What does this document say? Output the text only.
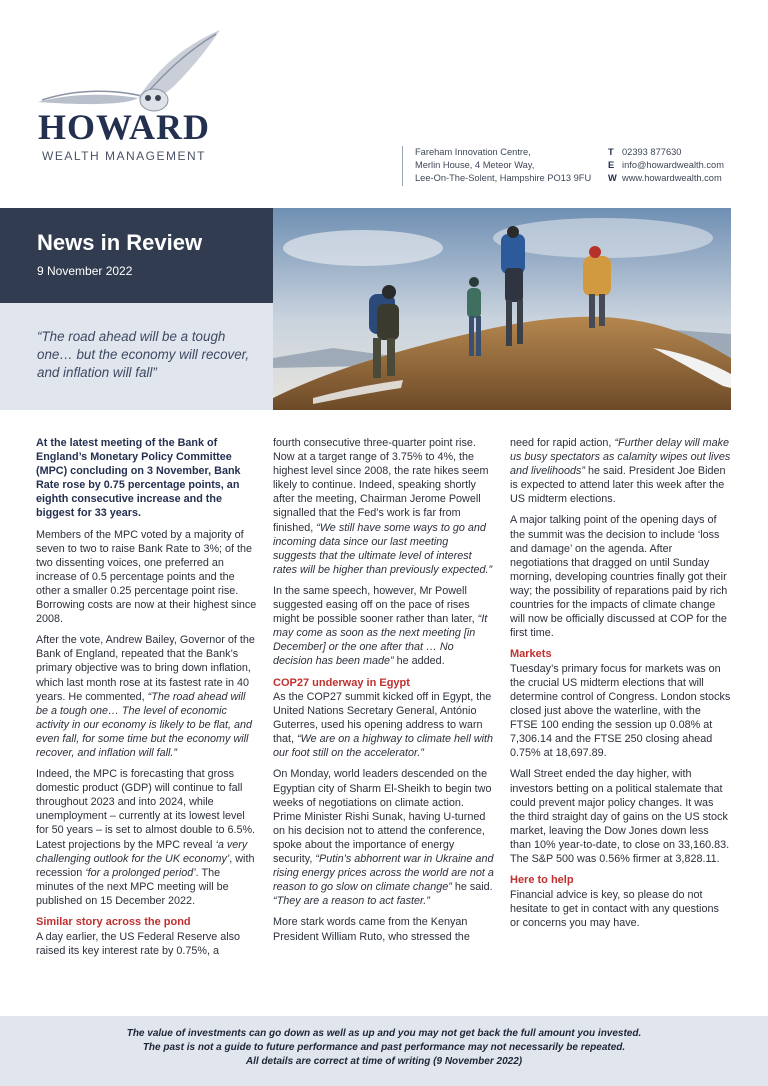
HOWARD
WEALTH MANAGEMENT	Fareham Innovation Centre,
Merlin House, 4 Meteor Way,
Lee-On-The-Solent, Hampshire PO13 9FU
T 02393 877630
E info@howardwealth.com
W www.howardwealth.com
News in Review
9 November 2022
“The road ahead will be a tough one… but the economy will recover, and inflation will fall”

At the latest meeting of the Bank of England’s Monetary Policy Committee (MPC) concluding on 3 November, Bank Rate rose by 0.75 percentage points, an eighth consecutive increase and the biggest for 33 years.

Members of the MPC voted by a majority of seven to two to raise Bank Rate to 3%; of the two dissenting voices, one preferred an increase of 0.5 percentage points and the other a smaller 0.25 percentage point rise. Borrowing costs are now at their highest since 2008.

After the vote, Andrew Bailey, Governor of the Bank of England, repeated that the Bank’s primary objective was to bring down inflation, which last month rose at its fastest rate in 40 years. He commented, “The road ahead will be a tough one… The level of economic activity in our economy is likely to be flat, and even fall, for some time but the economy will recover, and inflation will fall.”

Indeed, the MPC is forecasting that gross domestic product (GDP) will continue to fall throughout 2023 and into 2024, while unemployment – currently at its lowest level for 50 years – is set to almost double to 6.5%. Latest projections by the MPC reveal ‘a very challenging outlook for the UK economy’, with recession ‘for a prolonged period’. The minutes of the next MPC meeting will be published on 15 December 2022.

Similar story across the pond

A day earlier, the US Federal Reserve also raised its key interest rate by 0.75%, a

fourth consecutive three-quarter point rise. Now at a target range of 3.75% to 4%, the highest level since 2008, the rate hikes seem likely to continue. Indeed, speaking shortly after the meeting, Chairman Jerome Powell signalled that the Fed’s work is far from finished, “We still have some ways to go and incoming data since our last meeting suggests that the ultimate level of interest rates will be higher than previously expected.”

In the same speech, however, Mr Powell suggested easing off on the pace of rises might be possible sooner rather than later, “It may come as soon as the next meeting [in December] or the one after that … No decision has been made” he added.

COP27 underway in Egypt

As the COP27 summit kicked off in Egypt, the United Nations Secretary General, António Guterres, used his opening address to warn that, “We are on a highway to climate hell with our foot still on the accelerator.”

On Monday, world leaders descended on the Egyptian city of Sharm El-Sheikh to begin two weeks of negotiations on climate action. Prime Minister Rishi Sunak, having U-turned on his decision not to attend the conference, spoke about the importance of energy security, “Putin’s abhorrent war in Ukraine and rising energy prices across the world are not a reason to go slow on climate change” he said. “They are a reason to act faster.”

More stark words came from the Kenyan President William Ruto, who stressed the

need for rapid action, “Further delay will make us busy spectators as calamity wipes out lives and livelihoods” he said. President Joe Biden is expected to attend later this week after the US midterm elections.

A major talking point of the opening days of the summit was the decision to include ‘loss and damage’ on the agenda. After negotiations that dragged on until Sunday morning, developing countries finally got their way; the possibility of reparations paid by rich countries for the impacts of climate change will now be officially discussed at COP for the first time.

Markets

Tuesday’s primary focus for markets was on the crucial US midterm elections that will determine control of Congress. London stocks closed just above the waterline, with the FTSE 100 ending the session up 0.08% at 7,306.14 and the FTSE 250 closing ahead 0.75% at 18,697.89.

Wall Street ended the day higher, with investors betting on a political stalemate that could prevent major policy changes. It was the third straight day of gains on the US stock market, leaving the Dow Jones down less than 10% year-to-date, to close on 33,160.83. The S&P 500 was 0.56% firmer at 3,828.11.

Here to help

Financial advice is key, so please do not hesitate to get in contact with any questions or concerns you may have.

The value of investments can go down as well as up and you may not get back the full amount you invested.
The past is not a guide to future performance and past performance may not necessarily be repeated.
All details are correct at time of writing (9 November 2022)
